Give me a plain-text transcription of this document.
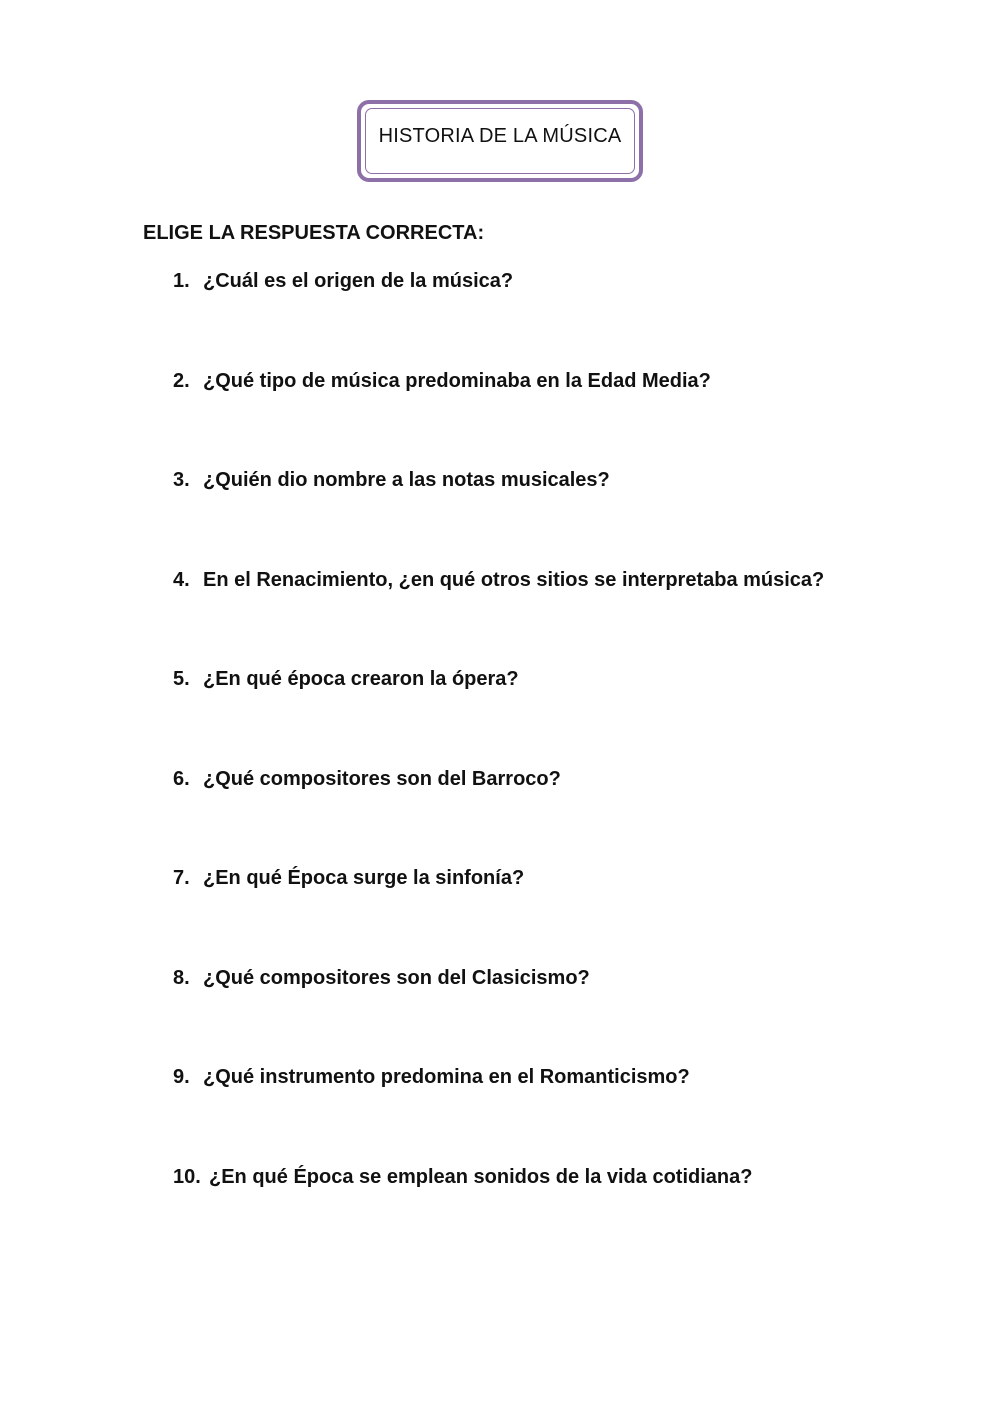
HISTORIA DE LA MÚSICA
ELIGE LA RESPUESTA CORRECTA:
1. ¿Cuál es el origen de la música?
2. ¿Qué tipo de música predominaba en la Edad Media?
3. ¿Quién dio nombre a las notas musicales?
4. En el Renacimiento, ¿en qué otros sitios se interpretaba música?
5. ¿En qué época crearon la ópera?
6. ¿Qué compositores son del Barroco?
7. ¿En qué Época surge la sinfonía?
8. ¿Qué compositores son del Clasicismo?
9. ¿Qué instrumento predomina en el Romanticismo?
10. ¿En qué Época se emplean sonidos de la vida cotidiana?
